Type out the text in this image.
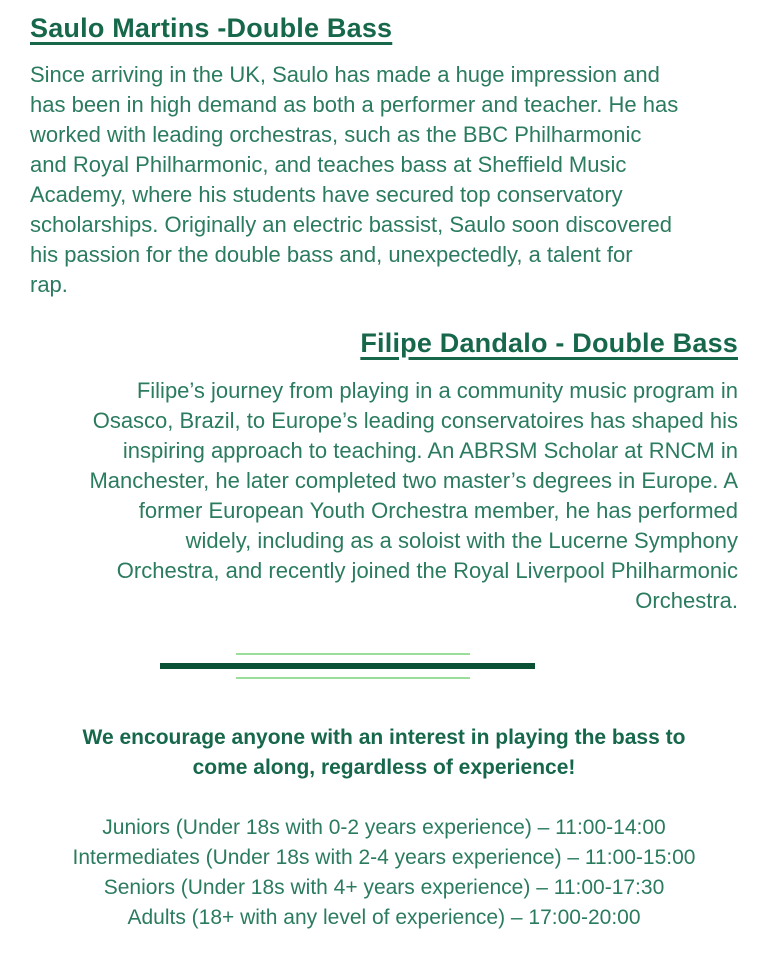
Saulo Martins -Double Bass
Since arriving in the UK, Saulo has made a huge impression and
has been in high demand as both a performer and teacher. He has
worked with leading orchestras, such as the BBC Philharmonic
and Royal Philharmonic, and teaches bass at Sheffield Music
Academy, where his students have secured top conservatory
scholarships. Originally an electric bassist, Saulo soon discovered
his passion for the double bass and, unexpectedly, a talent for
rap.
Filipe Dandalo - Double Bass
Filipe’s journey from playing in a community music program in
Osasco, Brazil, to Europe’s leading conservatoires has shaped his
inspiring approach to teaching. An ABRSM Scholar at RNCM in
Manchester, he later completed two master’s degrees in Europe. A
former European Youth Orchestra member, he has performed
widely, including as a soloist with the Lucerne Symphony
Orchestra, and recently joined the Royal Liverpool Philharmonic
Orchestra.
We encourage anyone with an interest in playing the bass to
come along, regardless of experience!
Juniors (Under 18s with 0-2 years experience) – 11:00-14:00
Intermediates (Under 18s with 2-4 years experience) – 11:00-15:00
Seniors (Under 18s with 4+ years experience) – 11:00-17:30
Adults (18+ with any level of experience) – 17:00-20:00
